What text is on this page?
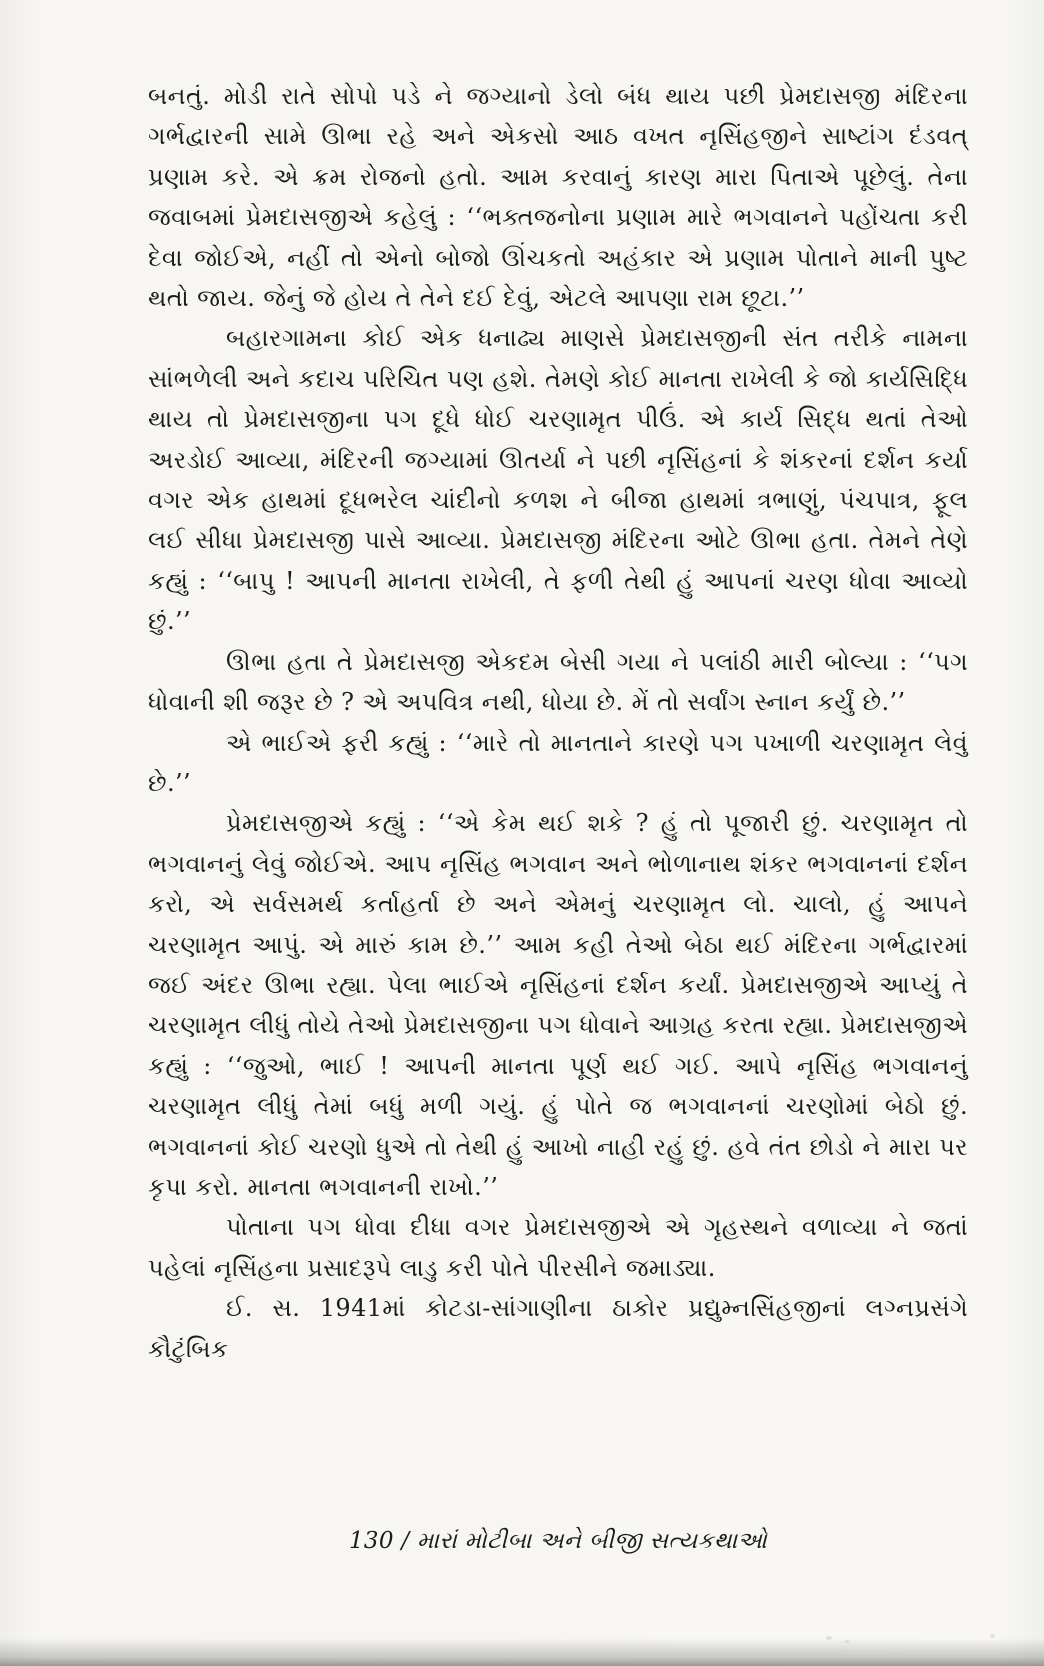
બનતું. મોડી રાતે સોપો પડે ને જગ્યાનો ડેલો બંધ થાય પછી પ્રેમદાસજી મંદિરના ગર્ભદ્વારની સામે ઊભા રહે અને એકસો આઠ વખત નૃસિંહજીને સાષ્ટાંગ દંડવત્ પ્રણામ કરે. એ ક્રમ રોજનો હતો. આમ કરવાનું કારણ મારા પિતાએ પૂછેલું. તેના જવાબમાં પ્રેમદાસજીએ કહેલું : ‘‘ભક્તજનોના પ્રણામ મારે ભગવાનને પહોંચતા કરી દેવા જોઈએ, નહીં તો એનો બોજો ઊંચકતો અહંકાર એ પ્રણામ પોતાને માની પુષ્ટ થતો જાય. જેનું જે હોય તે તેને દઈ દેવું, એટલે આપણા રામ છૂટા.’’

બહારગામના કોઈ એક ધનાઢ્ય માણસે પ્રેમદાસજીની સંત તરીકે નામના સાંભળેલી અને કદાચ પરિચિત પણ હશે. તેમણે કોઈ માનતા રાખેલી કે જો કાર્યસિદ્ધિ થાય તો પ્રેમદાસજીના પગ દૂધે ધોઈ ચરણામૃત પીઉં. એ કાર્ય સિદ્ધ થતાં તેઓ અરડોઈ આવ્યા, મંદિરની જગ્યામાં ઊતર્યા ને પછી નૃસિંહનાં કે શંકરનાં દર્શન કર્યા વગર એક હાથમાં દૂધભરેલ ચાંદીનો કળશ ને બીજા હાથમાં ત્રભાણું, પંચપાત્ર, ફૂલ લઈ સીધા પ્રેમદાસજી પાસે આવ્યા. પ્રેમદાસજી મંદિરના ઓટે ઊભા હતા. તેમને તેણે કહ્યું : ‘‘બાપુ ! આપની માનતા રાખેલી, તે ફળી તેથી હું આપનાં ચરણ ધોવા આવ્યો છું.’’

ઊભા હતા તે પ્રેમદાસજી એકદમ બેસી ગયા ને પલાંઠી મારી બોલ્યા : ‘‘પગ ધોવાની શી જરૂર છે ? એ અપવિત્ર નથી, ધોયા છે. મેં તો સર્વાંગ સ્નાન કર્યું છે.’’

એ ભાઈએ ફરી કહ્યું : ‘‘મારે તો માનતાને કારણે પગ પખાળી ચરણામૃત લેવું છે.’’

પ્રેમદાસજીએ કહ્યું : ‘‘એ કેમ થઈ શકે ? હું તો પૂજારી છું. ચરણામૃત તો ભગવાનનું લેવું જોઈએ. આપ નૃસિંહ ભગવાન અને ભોળાનાથ શંકર ભગવાનનાં દર્શન કરો, એ સર્વસમર્થ કર્તાહર્તા છે અને એમનું ચરણામૃત લો. ચાલો, હું આપને ચરણામૃત આપું. એ મારું કામ છે.’’ આમ કહી તેઓ બેઠા થઈ મંદિરના ગર્ભદ્વારમાં જઈ અંદર ઊભા રહ્યા. પેલા ભાઈએ નૃસિંહનાં દર્શન કર્યાં. પ્રેમદાસજીએ આપ્યું તે ચરણામૃત લીધું તોયે તેઓ પ્રેમદાસજીના પગ ધોવાને આગ્રહ કરતા રહ્યા. પ્રેમદાસજીએ કહ્યું : ‘‘જુઓ, ભાઈ ! આપની માનતા પૂર્ણ થઈ ગઈ. આપે નૃસિંહ ભગવાનનું ચરણામૃત લીધું તેમાં બધું મળી ગયું. હું પોતે જ ભગવાનનાં ચરણોમાં બેઠો છું. ભગવાનનાં કોઈ ચરણો ધુએ તો તેથી હું આખો નાહી રહું છું. હવે તંત છોડો ને મારા પર કૃપા કરો. માનતા ભગવાનની રાખો.’’

પોતાના પગ ધોવા દીધા વગર પ્રેમદાસજીએ એ ગૃહસ્થને વળાવ્યા ને જતાં પહેલાં નૃસિંહના પ્રસાદરૂપે લાડુ કરી પોતે પીરસીને જમાડ્યા.

ઈ. સ. 1941માં કોટડા-સાંગાણીના ઠાકોર પ્રદ્યુમ્નસિંહજીનાં લગ્નપ્રસંગે કૌટુંબિક

130 / મારાં મોટીબા અને બીજી સત્યકથાઓ
